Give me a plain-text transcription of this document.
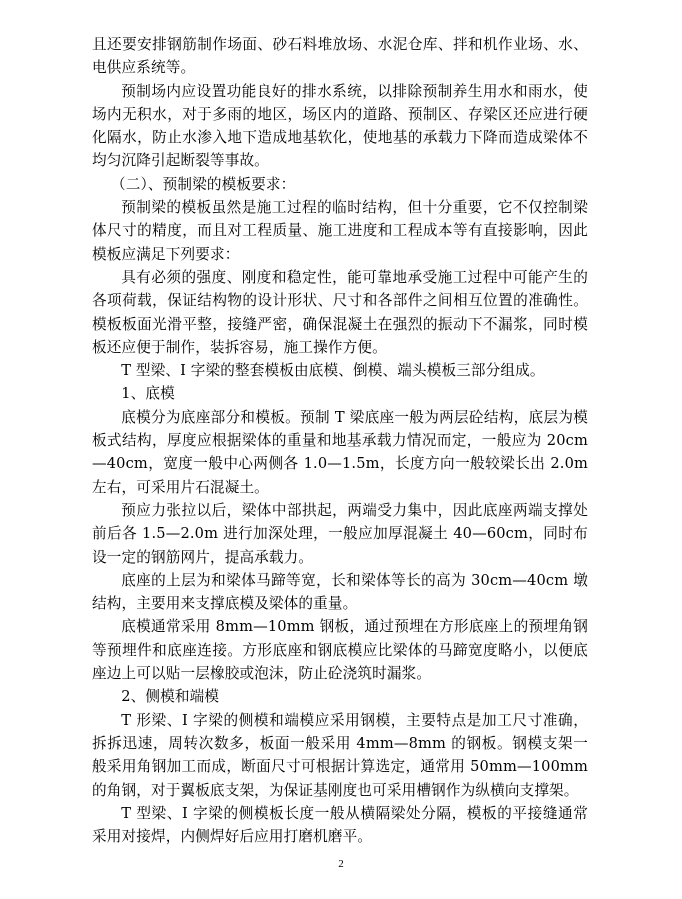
且还要安排钢筋制作场面、砂石料堆放场、水泥仓库、拌和机作业场、水、电供应系统等。

预制场内应设置功能良好的排水系统，以排除预制养生用水和雨水，使场内无积水，对于多雨的地区，场区内的道路、预制区、存梁区还应进行硬化隔水，防止水渗入地下造成地基软化，使地基的承载力下降而造成梁体不均匀沉降引起断裂等事故。

（二）、预制梁的模板要求：

预制梁的模板虽然是施工过程的临时结构，但十分重要，它不仅控制梁体尺寸的精度，而且对工程质量、施工进度和工程成本等有直接影响，因此模板应满足下列要求：

具有必须的强度、刚度和稳定性，能可靠地承受施工过程中可能产生的各项荷载，保证结构物的设计形状、尺寸和各部件之间相互位置的准确性。模板板面光滑平整，接缝严密，确保混凝土在强烈的振动下不漏浆，同时模板还应便于制作，装拆容易，施工操作方便。

T 型梁、I 字梁的整套模板由底模、倒模、端头模板三部分组成。

1、底模

底模分为底座部分和模板。预制 T 梁底座一般为两层砼结构，底层为模板式结构，厚度应根据梁体的重量和地基承载力情况而定，一般应为 20cm—40cm，宽度一般中心两侧各 1.0—1.5m，长度方向一般较梁长出 2.0m 左右，可采用片石混凝土。

预应力张拉以后，梁体中部拱起，两端受力集中，因此底座两端支撑处前后各 1.5—2.0m 进行加深处理，一般应加厚混凝土 40—60cm，同时布设一定的钢筋网片，提高承载力。

底座的上层为和梁体马蹄等宽，长和梁体等长的高为 30cm—40cm 墩结构，主要用来支撑底模及梁体的重量。

底模通常采用 8mm—10mm 钢板，通过预埋在方形底座上的预埋角钢等预埋件和底座连接。方形底座和钢底模应比梁体的马蹄宽度略小，以便底座边上可以贴一层橡胶或泡沫，防止砼浇筑时漏浆。

2、侧模和端模

T 形梁、I 字梁的侧模和端模应采用钢模，主要特点是加工尺寸准确，拆拆迅速，周转次数多，板面一般采用 4mm—8mm 的钢板。钢模支架一般采用角钢加工而成，断面尺寸可根据计算选定，通常用 50mm—100mm 的角钢，对于翼板底支架，为保证基刚度也可采用槽钢作为纵横向支撑架。

T 型梁、I 字梁的侧模板长度一般从横隔梁处分隔，模板的平接缝通常采用对接焊，内侧焊好后应用打磨机磨平。

2
